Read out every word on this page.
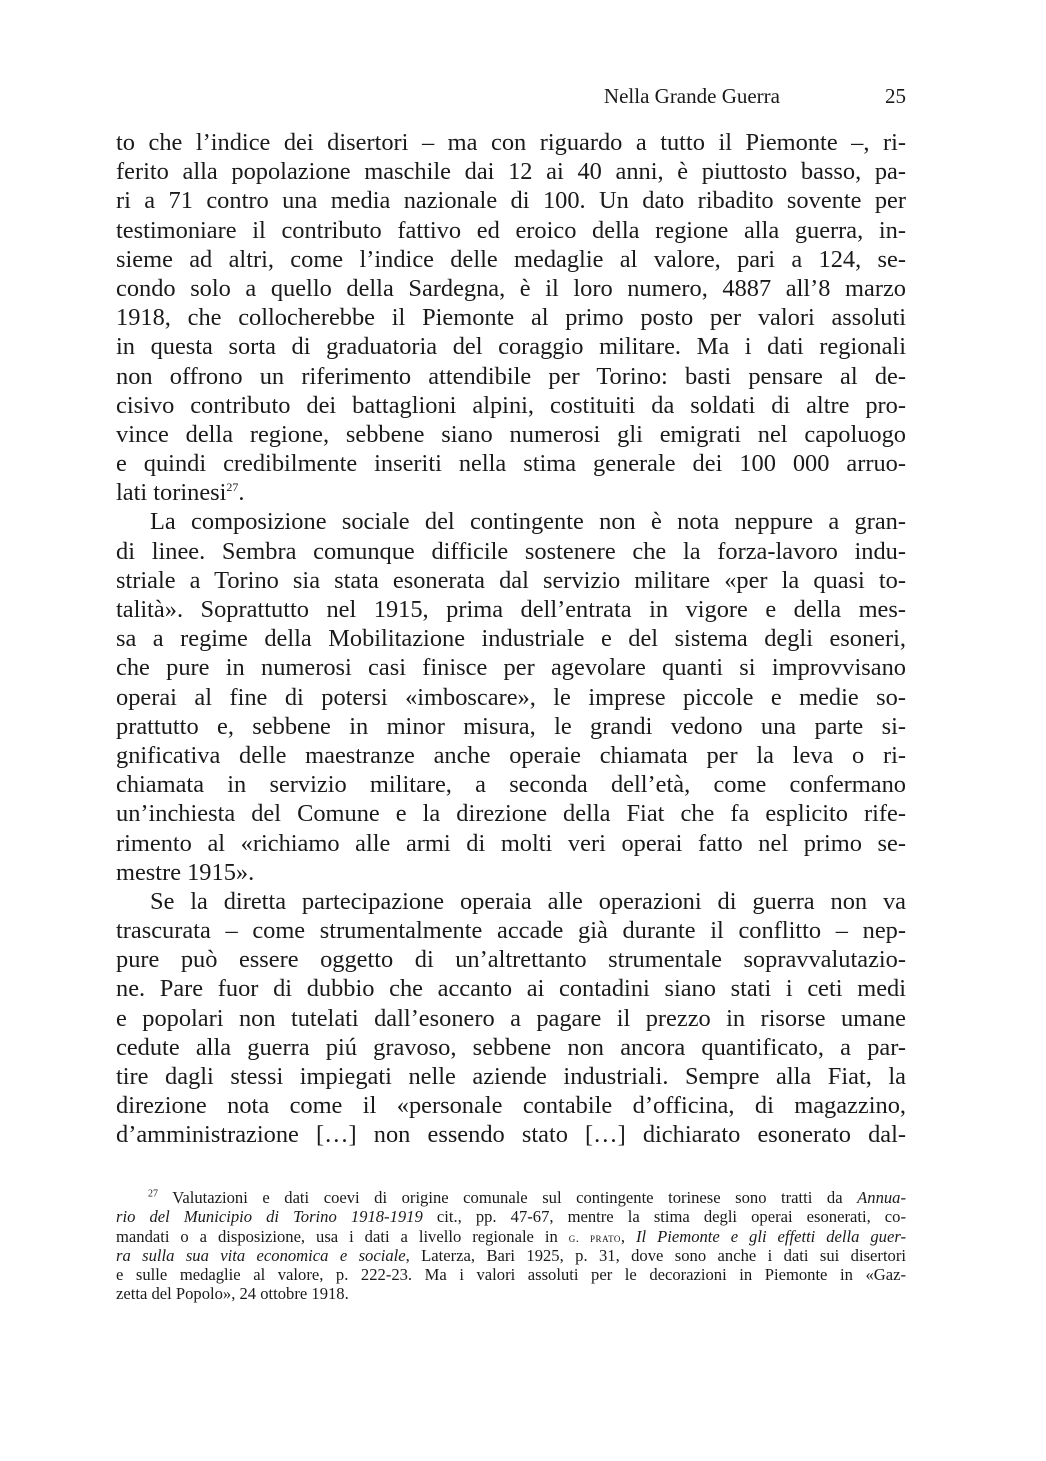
Nella Grande Guerra	25
to che l’indice dei disertori – ma con riguardo a tutto il Piemonte –, ri-
ferito alla popolazione maschile dai 12 ai 40 anni, è piuttosto basso, pa-
ri a 71 contro una media nazionale di 100. Un dato ribadito sovente per
testimoniare il contributo fattivo ed eroico della regione alla guerra, in-
sieme ad altri, come l’indice delle medaglie al valore, pari a 124, se-
condo solo a quello della Sardegna, è il loro numero, 4887 all’8 marzo
1918, che collocherebbe il Piemonte al primo posto per valori assoluti
in questa sorta di graduatoria del coraggio militare. Ma i dati regionali
non offrono un riferimento attendibile per Torino: basti pensare al de-
cisivo contributo dei battaglioni alpini, costituiti da soldati di altre pro-
vince della regione, sebbene siano numerosi gli emigrati nel capoluogo
e quindi credibilmente inseriti nella stima generale dei 100 000 arruo-
lati torinesi$^{27}$.
La composizione sociale del contingente non è nota neppure a gran-
di linee. Sembra comunque difficile sostenere che la forza-lavoro indu-
striale a Torino sia stata esonerata dal servizio militare «per la quasi to-
talità». Soprattutto nel 1915, prima dell’entrata in vigore e della mes-
sa a regime della Mobilitazione industriale e del sistema degli esoneri,
che pure in numerosi casi finisce per agevolare quanti si improvvisano
operai al fine di potersi «imboscare», le imprese piccole e medie so-
prattutto e, sebbene in minor misura, le grandi vedono una parte si-
gnificativa delle maestranze anche operaie chiamata per la leva o ri-
chiamata in servizio militare, a seconda dell’età, come confermano
un’inchiesta del Comune e la direzione della Fiat che fa esplicito rife-
rimento al «richiamo alle armi di molti veri operai fatto nel primo se-
mestre 1915».
Se la diretta partecipazione operaia alle operazioni di guerra non va
trascurata – come strumentalmente accade già durante il conflitto – nep-
pure può essere oggetto di un’altrettanto strumentale sopravvalutazio-
ne. Pare fuor di dubbio che accanto ai contadini siano stati i ceti medi
e popolari non tutelati dall’esonero a pagare il prezzo in risorse umane
cedute alla guerra piú gravoso, sebbene non ancora quantificato, a par-
tire dagli stessi impiegati nelle aziende industriali. Sempre alla Fiat, la
direzione nota come il «personale contabile d’officina, di magazzino,
d’amministrazione […] non essendo stato […] dichiarato esonerato dal-
$^{27}$ Valutazioni e dati coevi di origine comunale sul contingente torinese sono tratti da Annua-
rio del Municipio di Torino 1918-1919 cit., pp. 47-67, mentre la stima degli operai esonerati, co-
mandati o a disposizione, usa i dati a livello regionale in g. prato, Il Piemonte e gli effetti della guer-
ra sulla sua vita economica e sociale, Laterza, Bari 1925, p. 31, dove sono anche i dati sui disertori
e sulle medaglie al valore, p. 222-23. Ma i valori assoluti per le decorazioni in Piemonte in «Gaz-
zetta del Popolo», 24 ottobre 1918.
